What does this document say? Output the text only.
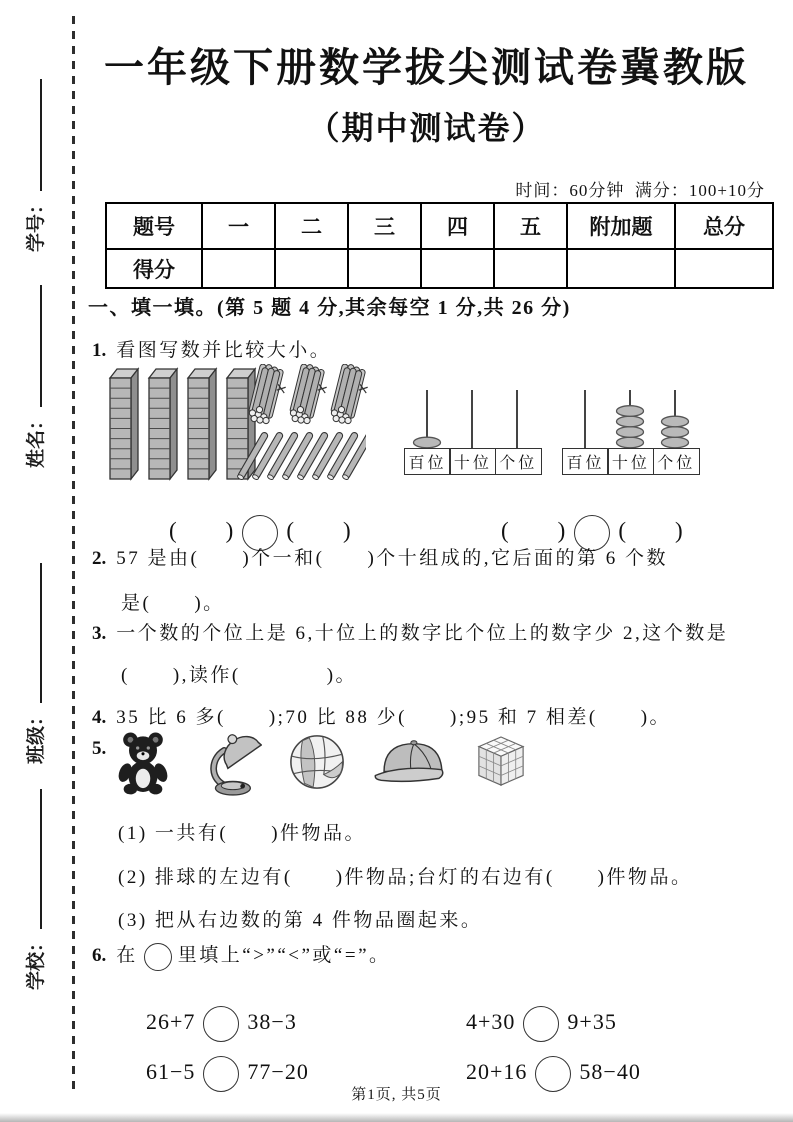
学号：
姓名：
班级：
学校：
一年级下册数学拔尖测试卷冀教版
（期中测试卷）
时间：60分钟  满分：100+10分
题号	一	二	三	四	五	附加题	总分
得分							
一、填一填。(第 5 题 4 分,其余每空 1 分,共 26 分)
1. 看图写数并比较大小。
百位 十位 个位 百位 十位 个位

(　　) (　　)
	(　　) (　　)

2. 57 是由(　　)个一和(　　)个十组成的,它后面的第 6 个数
是(　　)。
3. 一个数的个位上是 6,十位上的数字比个位上的数字少 2,这个数是
(　　),读作(　　　　)。
4. 35 比 6 多(　　);70 比 88 少(　　);95 和 7 相差(　　)。
5.
(1) 一共有(　　)件物品。
(2) 排球的左边有(　　)件物品;台灯的右边有(　　)件物品。
(3) 把从右边数的第 4 件物品圈起来。
6. 在 里填上“>”“<”或“=”。

26+7 38−3
	4+30 9+35

61−5 77−20
	20+16 58−40

第1页, 共5页
